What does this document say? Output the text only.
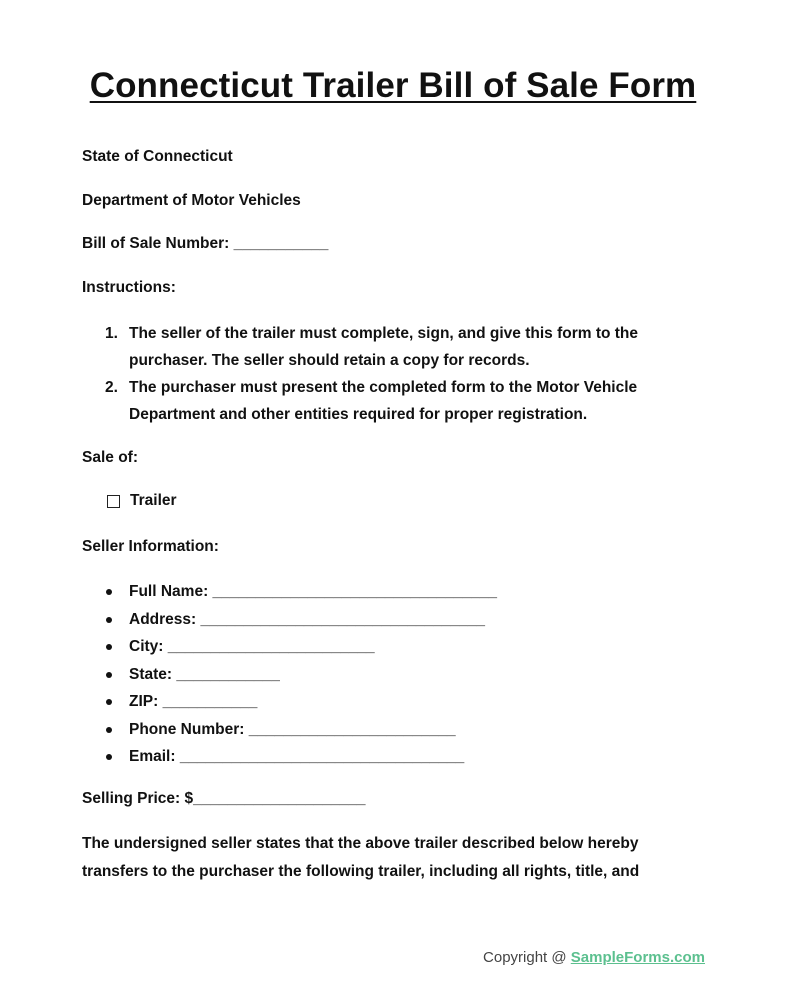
Connecticut Trailer Bill of Sale Form

State of Connecticut

Department of Motor Vehicles

Bill of Sale Number: ___________

Instructions:

1. The seller of the trailer must complete, sign, and give this form to the purchaser. The seller should retain a copy for records.
2. The purchaser must present the completed form to the Motor Vehicle Department and other entities required for proper registration.

Sale of:

Trailer

Seller Information:

Full Name: _________________________________
Address: _________________________________
City: ________________________
State: ____________
ZIP: ___________
Phone Number: ________________________
Email: _________________________________

Selling Price: $____________________

The undersigned seller states that the above trailer described below hereby transfers to the purchaser the following trailer, including all rights, title, and

Copyright @ SampleForms.com
